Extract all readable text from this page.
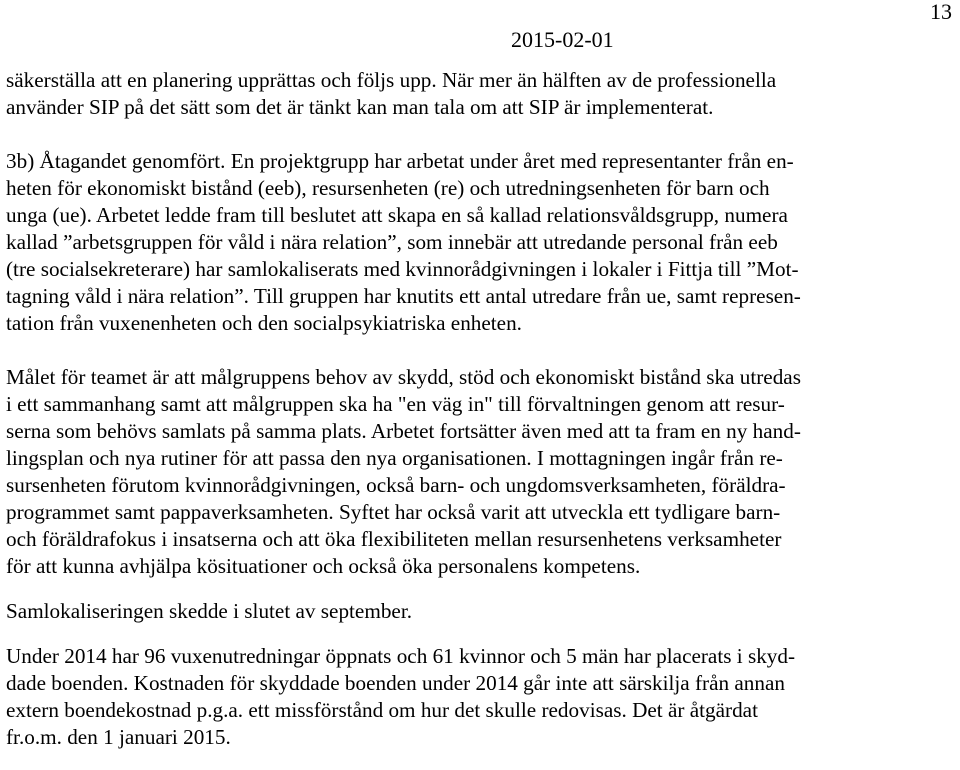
13
2015-02-01
säkerställa att en planering upprättas och följs upp. När mer än hälften av de professionella
använder SIP på det sätt som det är tänkt kan man tala om att SIP är implementerat.
3b) Åtagandet genomfört. En projektgrupp har arbetat under året med representanter från en-
heten för ekonomiskt bistånd (eeb), resursenheten (re) och utredningsenheten för barn och
unga (ue). Arbetet ledde fram till beslutet att skapa en så kallad relationsvåldsgrupp, numera
kallad ”arbetsgruppen för våld i nära relation”, som innebär att utredande personal från eeb
(tre socialsekreterare) har samlokaliserats med kvinnorådgivningen i lokaler i Fittja till ”Mot-
tagning våld i nära relation”. Till gruppen har knutits ett antal utredare från ue, samt represen-
tation från vuxenenheten och den socialpsykiatriska enheten.
Målet för teamet är att målgruppens behov av skydd, stöd och ekonomiskt bistånd ska utredas
i ett sammanhang samt att målgruppen ska ha "en väg in" till förvaltningen genom att resur-
serna som behövs samlats på samma plats. Arbetet fortsätter även med att ta fram en ny hand-
lingsplan och nya rutiner för att passa den nya organisationen. I mottagningen ingår från re-
sursenheten förutom kvinnorådgivningen, också barn- och ungdomsverksamheten, föräldra-
programmet samt pappaverksamheten. Syftet har också varit att utveckla ett tydligare barn-
och föräldrafokus i insatserna och att öka flexibiliteten mellan resursenhetens verksamheter
för att kunna avhjälpa kösituationer och också öka personalens kompetens.
Samlokaliseringen skedde i slutet av september.
Under 2014 har 96 vuxenutredningar öppnats och 61 kvinnor och 5 män har placerats i skyd-
dade boenden. Kostnaden för skyddade boenden under 2014 går inte att särskilja från annan
extern boendekostnad p.g.a. ett missförstånd om hur det skulle redovisas. Det är åtgärdat
fr.o.m. den 1 januari 2015.
